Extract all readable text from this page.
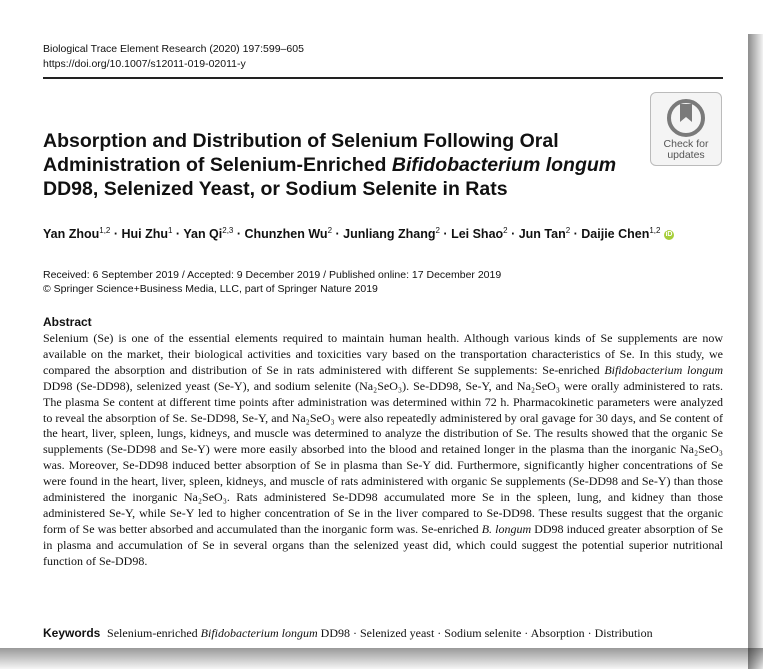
Biological Trace Element Research (2020) 197:599–605
https://doi.org/10.1007/s12011-019-02011-y
Check for
updates
Absorption and Distribution of Selenium Following Oral Administration of Selenium-Enriched Bifidobacterium longum DD98, Selenized Yeast, or Sodium Selenite in Rats
Yan Zhou$^{1,2}$ · Hui Zhu$^1$ · Yan Qi$^{2,3}$ · Chunzhen $Wu^2$ · Junliang Zhang$^2$ · Lei Shao$^2$ · Jun Tan$^2$ · Daijie Chen$^{1,2}$ iD
Received: 6 September 2019 / Accepted: 9 December 2019 / Published online: 17 December 2019
© Springer Science+Business Media, LLC, part of Springer Nature 2019
Abstract
Selenium (Se) is one of the essential elements required to maintain human health. Although various kinds of Se supplements are now available on the market, their biological activities and toxicities vary based on the transportation characteristics of Se. In this study, we compared the absorption and distribution of Se in rats administered with different Se supplements: Se-enriched Bifidobacterium longum DD98 (Se-DD98), selenized yeast (Se-Y), and sodium selenite (Na₂SeO₃). Se-DD98, Se-Y, and Na₂SeO₃ were orally administered to rats. The plasma Se content at different time points after administration was determined within 72 h. Pharmacokinetic parameters were analyzed to reveal the absorption of Se. Se-DD98, Se-Y, and Na₂SeO₃ were also repeatedly administered by oral gavage for 30 days, and Se content of the heart, liver, spleen, lungs, kidneys, and muscle was determined to analyze the distribution of Se. The results showed that the organic Se supplements (Se-DD98 and Se-Y) were more easily absorbed into the blood and retained longer in the plasma than the inorganic Na₂SeO₃ was. Moreover, Se-DD98 induced better absorption of Se in plasma than Se-Y did. Furthermore, significantly higher concentrations of Se were found in the heart, liver, spleen, kidneys, and muscle of rats administered with organic Se supplements (Se-DD98 and Se-Y) than those administered the inorganic Na₂SeO₃. Rats administered Se-DD98 accumulated more Se in the spleen, lung, and kidney than those administered Se-Y, while Se-Y led to higher concentration of Se in the liver compared to Se-DD98. These results suggest that the organic form of Se was better absorbed and accumulated than the inorganic form was. Se-enriched B. longum DD98 induced greater absorption of Se in plasma and accumulation of Se in several organs than the selenized yeast did, which could suggest the potential superior nutritional function of Se-DD98.
Keywords Selenium-enriched Bifidobacterium longum DD98 · Selenized yeast · Sodium selenite · Absorption · Distribution
